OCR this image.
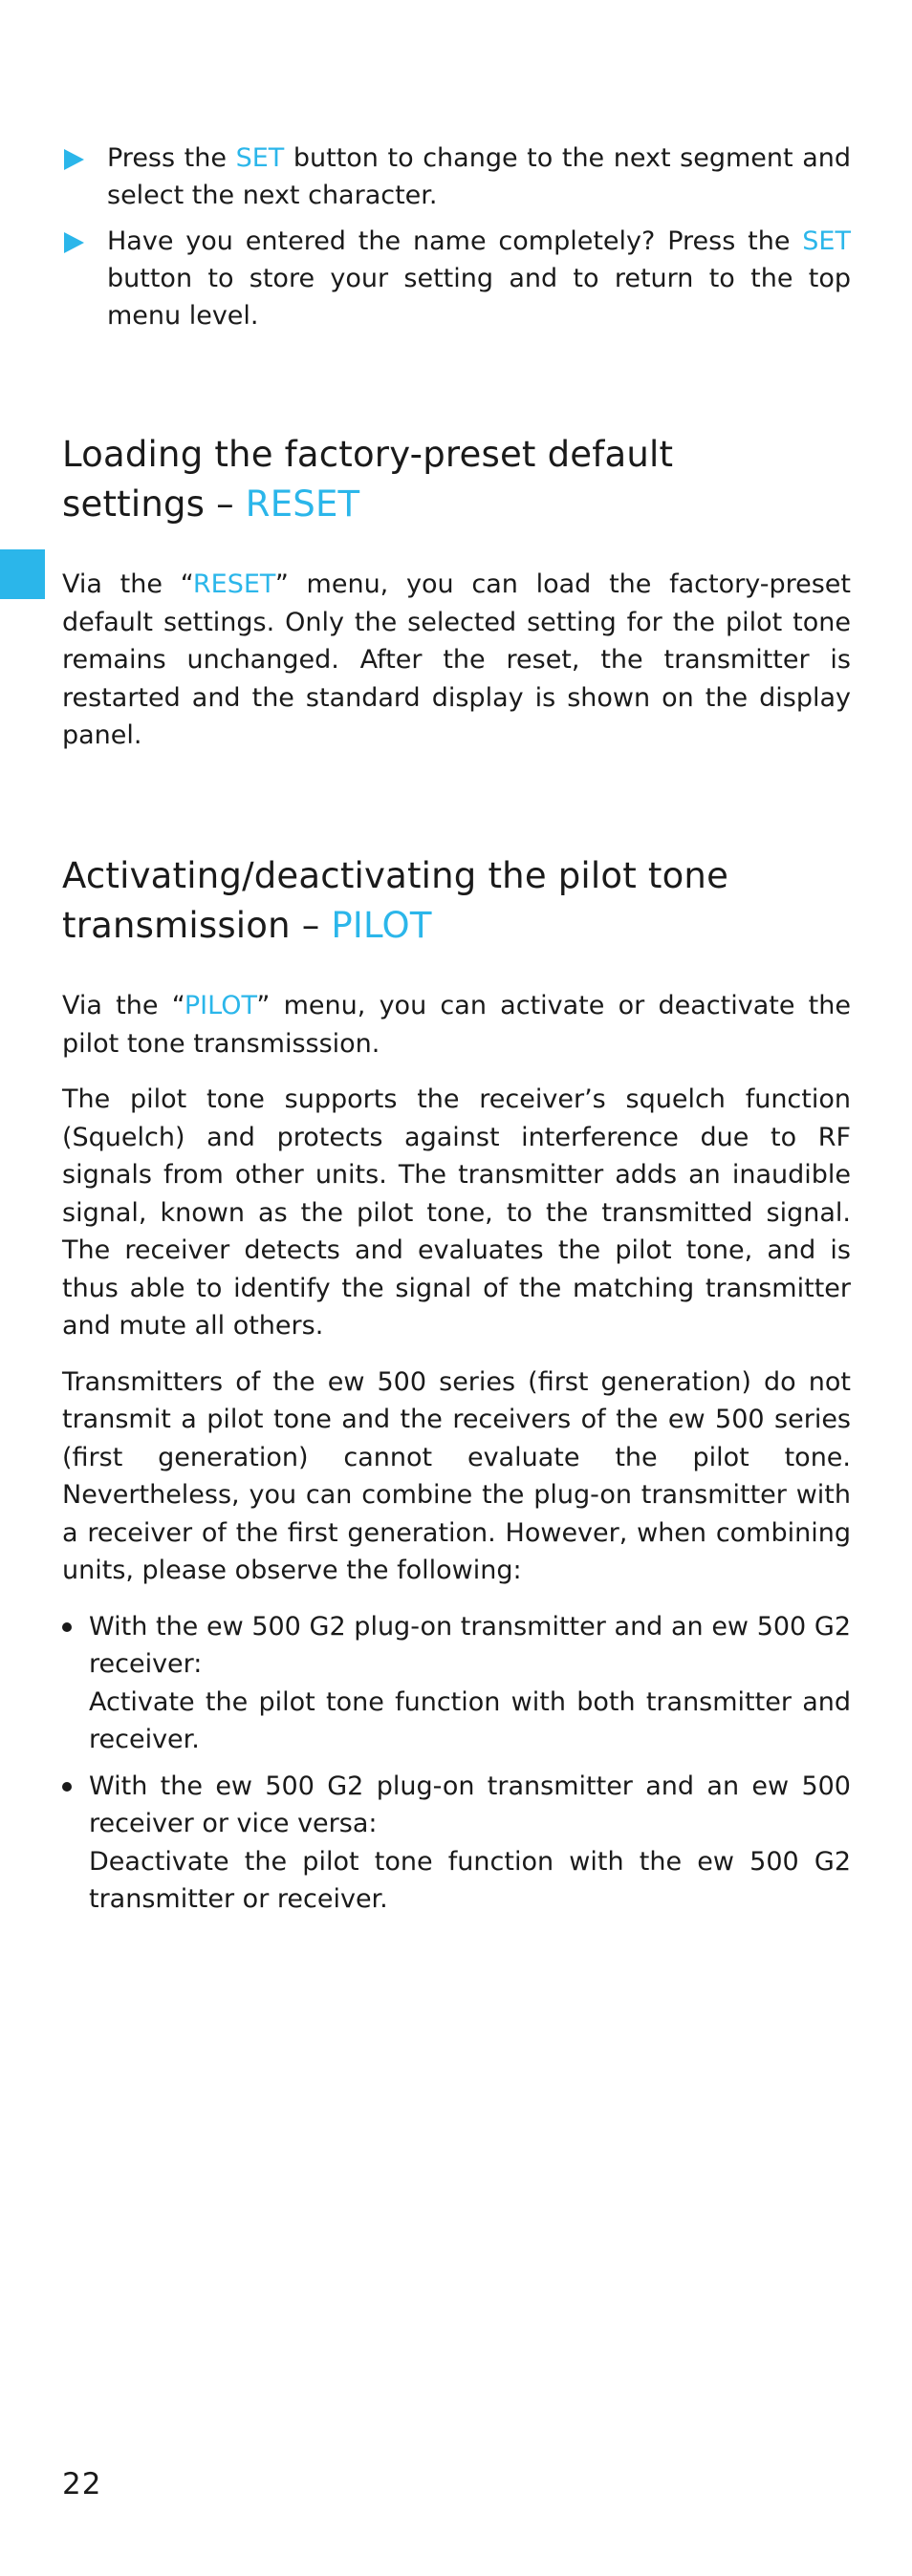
Press the SET button to change to the next segment and select the next character.

Have you entered the name completely? Press the SET button to store your setting and to return to the top menu level.

Loading the factory-preset default
settings – RESET

Via the “RESET” menu, you can load the factory-preset default settings. Only the selected setting for the pilot tone remains unchanged. After the reset, the transmitter is restarted and the standard display is shown on the display panel.

Activating/deactivating the pilot tone
transmission – PILOT

Via the “PILOT” menu, you can activate or deactivate the pilot tone transmisssion.

The pilot tone supports the receiver’s squelch function (Squelch) and protects against interference due to RF signals from other units. The transmitter adds an inaudible signal, known as the pilot tone, to the transmitted signal. The receiver detects and evaluates the pilot tone, and is thus able to identify the signal of the matching transmitter and mute all others.

Transmitters of the ew 500 series (first generation) do not transmit a pilot tone and the receivers of the ew 500 series (first generation) cannot evaluate the pilot tone. Nevertheless, you can combine the plug-on transmitter with a receiver of the first generation. However, when combining units, please observe the following:

With the ew 500 G2 plug-on transmitter and an ew 500 G2 receiver:
Activate the pilot tone function with both transmitter and receiver.
With the ew 500 G2 plug-on transmitter and an ew 500 receiver or vice versa:
Deactivate the pilot tone function with the ew 500 G2 transmitter or receiver.
22
